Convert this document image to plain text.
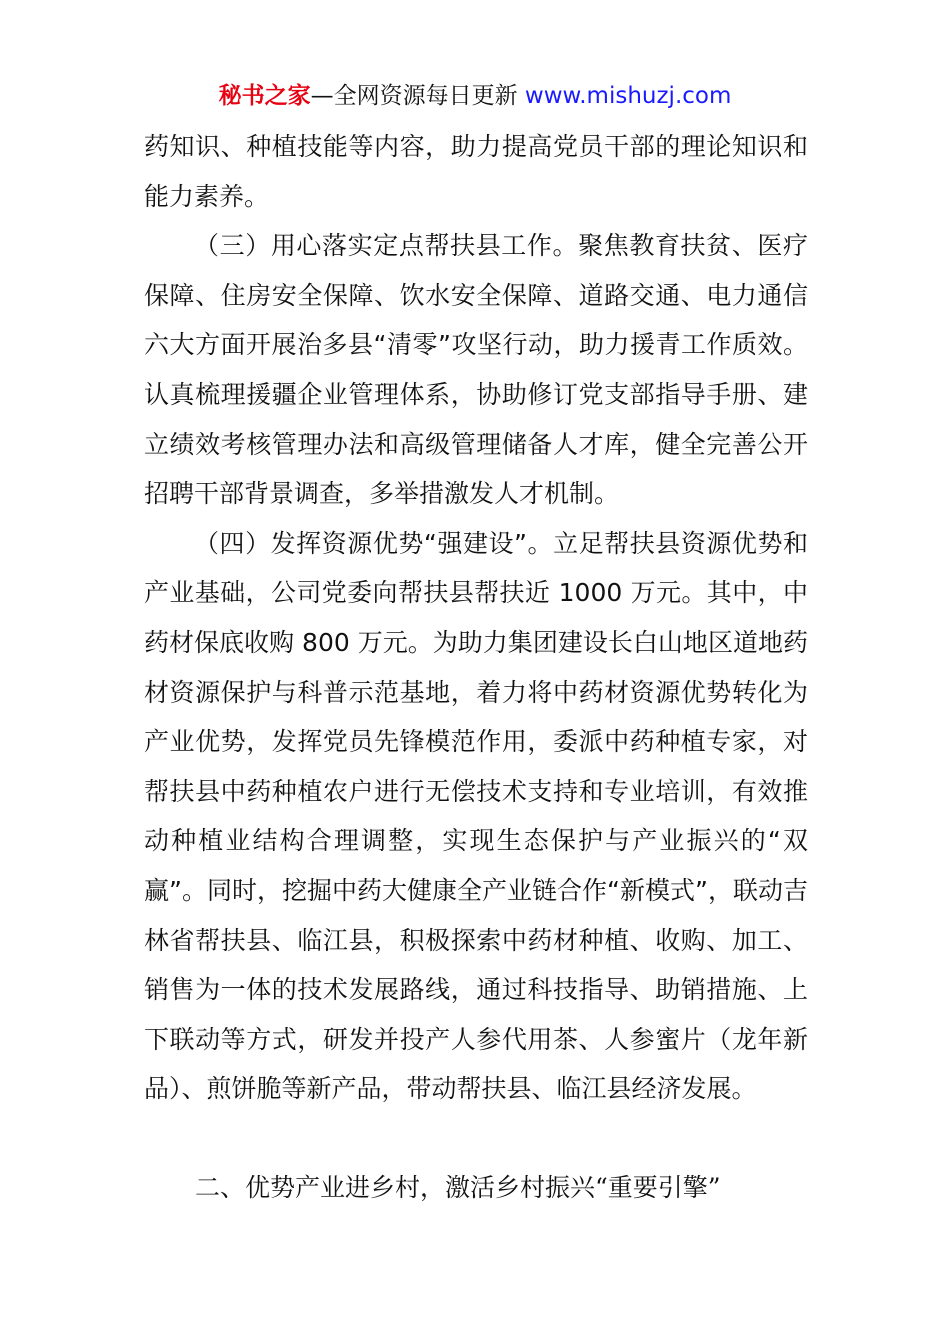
秘书之家—全网资源每日更新 www.mishuzj.com

药知识、种植技能等内容，助力提高党员干部的理论知识和能力素养。

（三）用心落实定点帮扶县工作。聚焦教育扶贫、医疗保障、住房安全保障、饮水安全保障、道路交通、电力通信六大方面开展治多县“清零”攻坚行动，助力援青工作质效。认真梳理援疆企业管理体系，协助修订党支部指导手册、建立绩效考核管理办法和高级管理储备人才库，健全完善公开招聘干部背景调查，多举措激发人才机制。

（四）发挥资源优势“强建设”。立足帮扶县资源优势和产业基础，公司党委向帮扶县帮扶近 1000 万元。其中，中药材保底收购 800 万元。为助力集团建设长白山地区道地药材资源保护与科普示范基地，着力将中药材资源优势转化为产业优势，发挥党员先锋模范作用，委派中药种植专家，对帮扶县中药种植农户进行无偿技术支持和专业培训，有效推动种植业结构合理调整，实现生态保护与产业振兴的“双赢”。同时，挖掘中药大健康全产业链合作“新模式”，联动吉林省帮扶县、临江县，积极探索中药材种植、收购、加工、销售为一体的技术发展路线，通过科技指导、助销措施、上下联动等方式，研发并投产人参代用茶、人参蜜片（龙年新品）、煎饼脆等新产品，带动帮扶县、临江县经济发展。

二、优势产业进乡村，激活乡村振兴“重要引擎”
